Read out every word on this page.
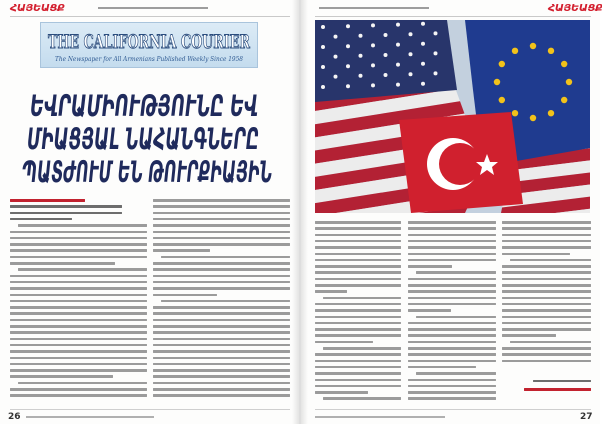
ՀԱՅԵԱՑՔ
THE CALIFORNIA COURIER
The Newspaper for All Armenians Published Weekly Since 1958
ԵՎՐԱՄԻՈՒԹՅՈՒՆԸ ԵՎ
ՄԻԱՑՅԱԼ ՆԱՀԱՆԳՆԵՐԸ
ՊԱՏԺՈՒՄ ԵՆ ԹՈՒՐՔԻԱՅԻՆ
26
ՀԱՅԵԱՑՔ
27
